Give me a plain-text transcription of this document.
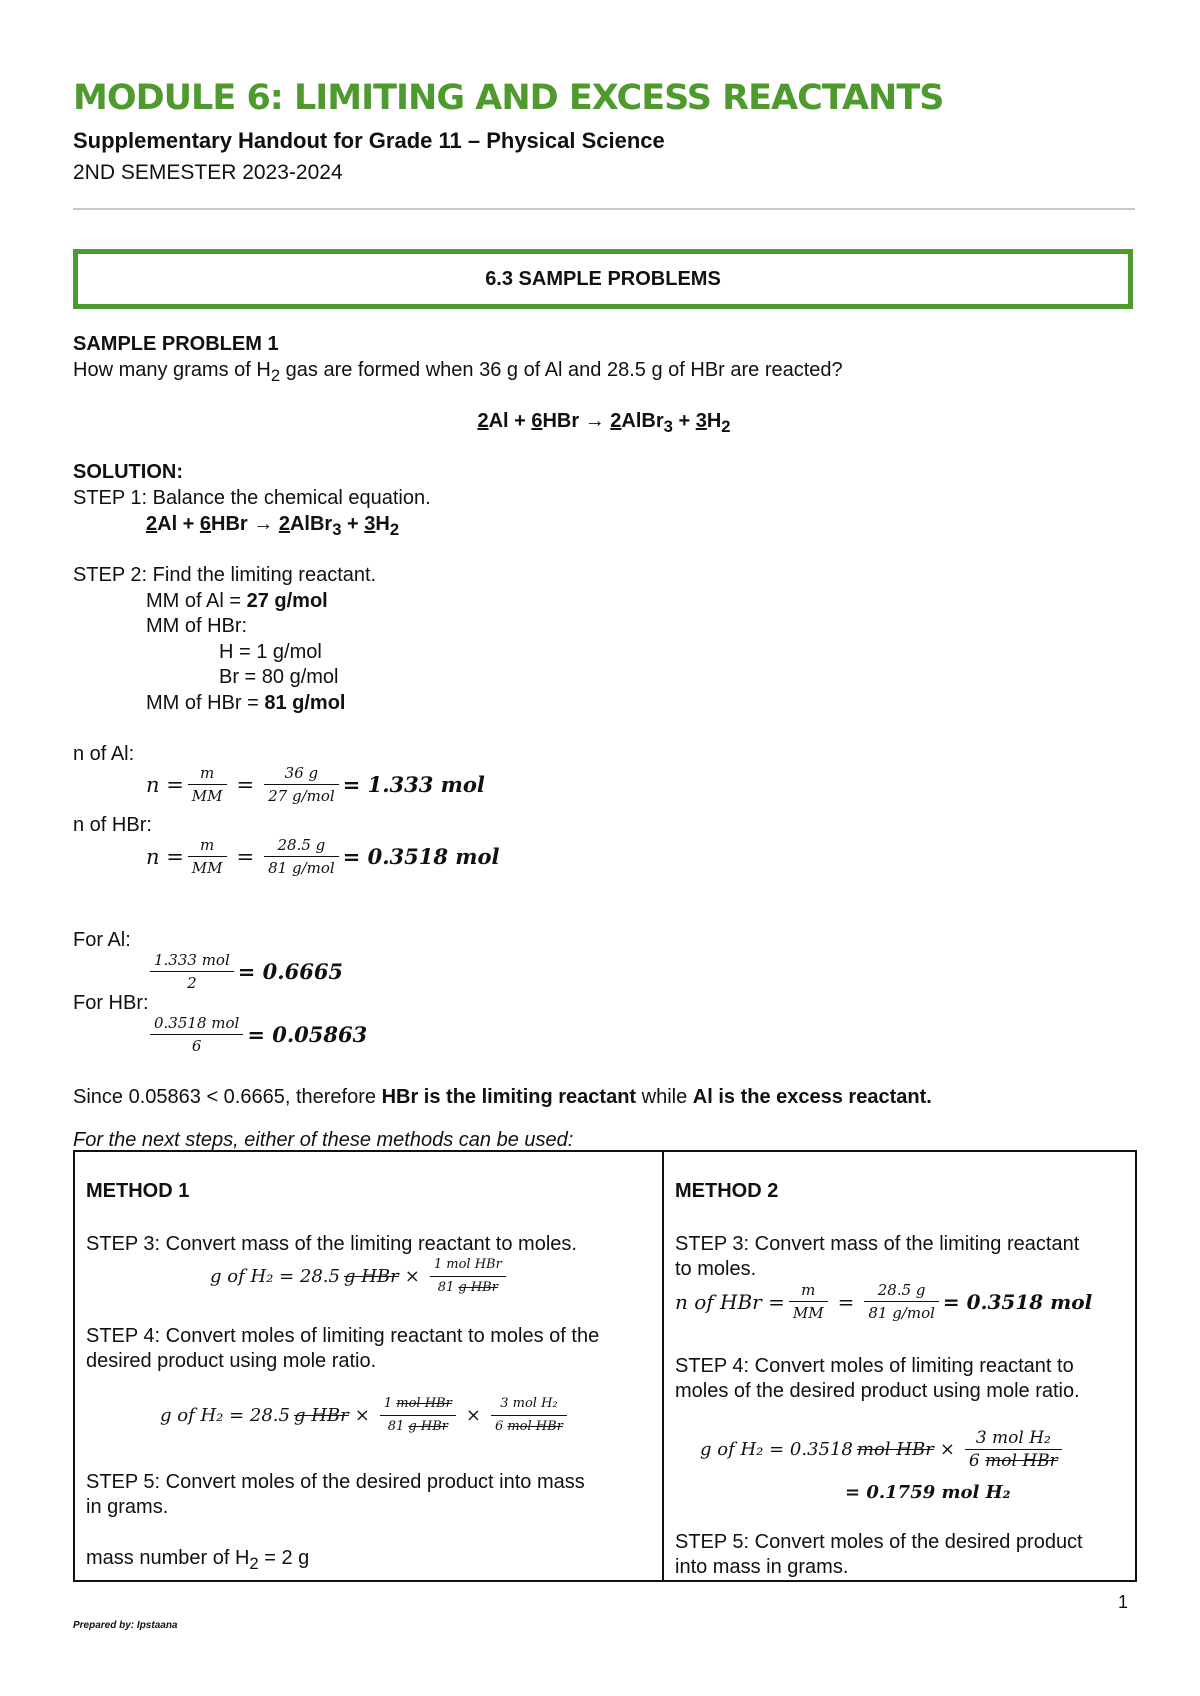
MODULE 6: LIMITING AND EXCESS REACTANTS
Supplementary Handout for Grade 11 – Physical Science
2ND SEMESTER 2023-2024
6.3 SAMPLE PROBLEMS
SAMPLE PROBLEM 1
How many grams of $H_2$ gas are formed when 36 g of Al and 28.5 g of HBr are reacted?
2Al + 6HBr → 2AlBr$_3$ + $3H_2$
SOLUTION:
STEP 1: Balance the chemical equation.
2Al + 6HBr → 2AlBr$_3$ + $3H_2$
STEP 2: Find the limiting reactant.
MM of Al = 27 g/mol
MM of HBr:
H = 1 g/mol
Br = 80 g/mol
MM of HBr = 81 g/mol
n of Al:
$n = \frac{m}{MM} = \frac{36 g}{\text{27 g/mol}} = 1.333$ mol
n of HBr:
$n = \frac{m}{MM} = \frac{28.5 g}{\text{81 g/mol}} = 0.3518$ mol
For Al:
$\frac{\text{1.333 mol}}{2} = 0.6665$
For HBr:
$\frac{\text{0.3518 mol}}{6} = 0.05863$
Since 0.05863 < 0.6665, therefore HBr is the limiting reactant while Al is the excess reactant.
For the next steps, either of these methods can be used:
METHOD 1
STEP 3: Convert mass of the limiting reactant to moles.
g of H₂ = 28.5 g HBr × $\frac{\text{1 mol HBr}}{\text{81 g HBr}}$
STEP 4: Convert moles of limiting reactant to moles of the
desired product using mole ratio.
g of H₂ = 28.5 g HBr × $\frac{\text{1 mol HBr}}{\text{81 g HBr}} \times \frac{\text{3 mol H₂}}{\text{6 mol HBr}}$
STEP 5: Convert moles of the desired product into mass
in grams.
mass number of $H_2 = 2$ g
METHOD 2
STEP 3: Convert mass of the limiting reactant
to moles.
n of HBr = $\frac{m}{MM} = \frac{28.5 g}{\text{81 g/mol}} = 0.3518$ mol
STEP 4: Convert moles of limiting reactant to
moles of the desired product using mole ratio.
g of H₂ = 0.3518 mol HBr × $\frac{\text{3 mol H₂}}{\text{6 mol HBr}}$
= 0.1759 mol H₂
STEP 5: Convert moles of the desired product
into mass in grams.
1
Prepared by: Ipstaana
